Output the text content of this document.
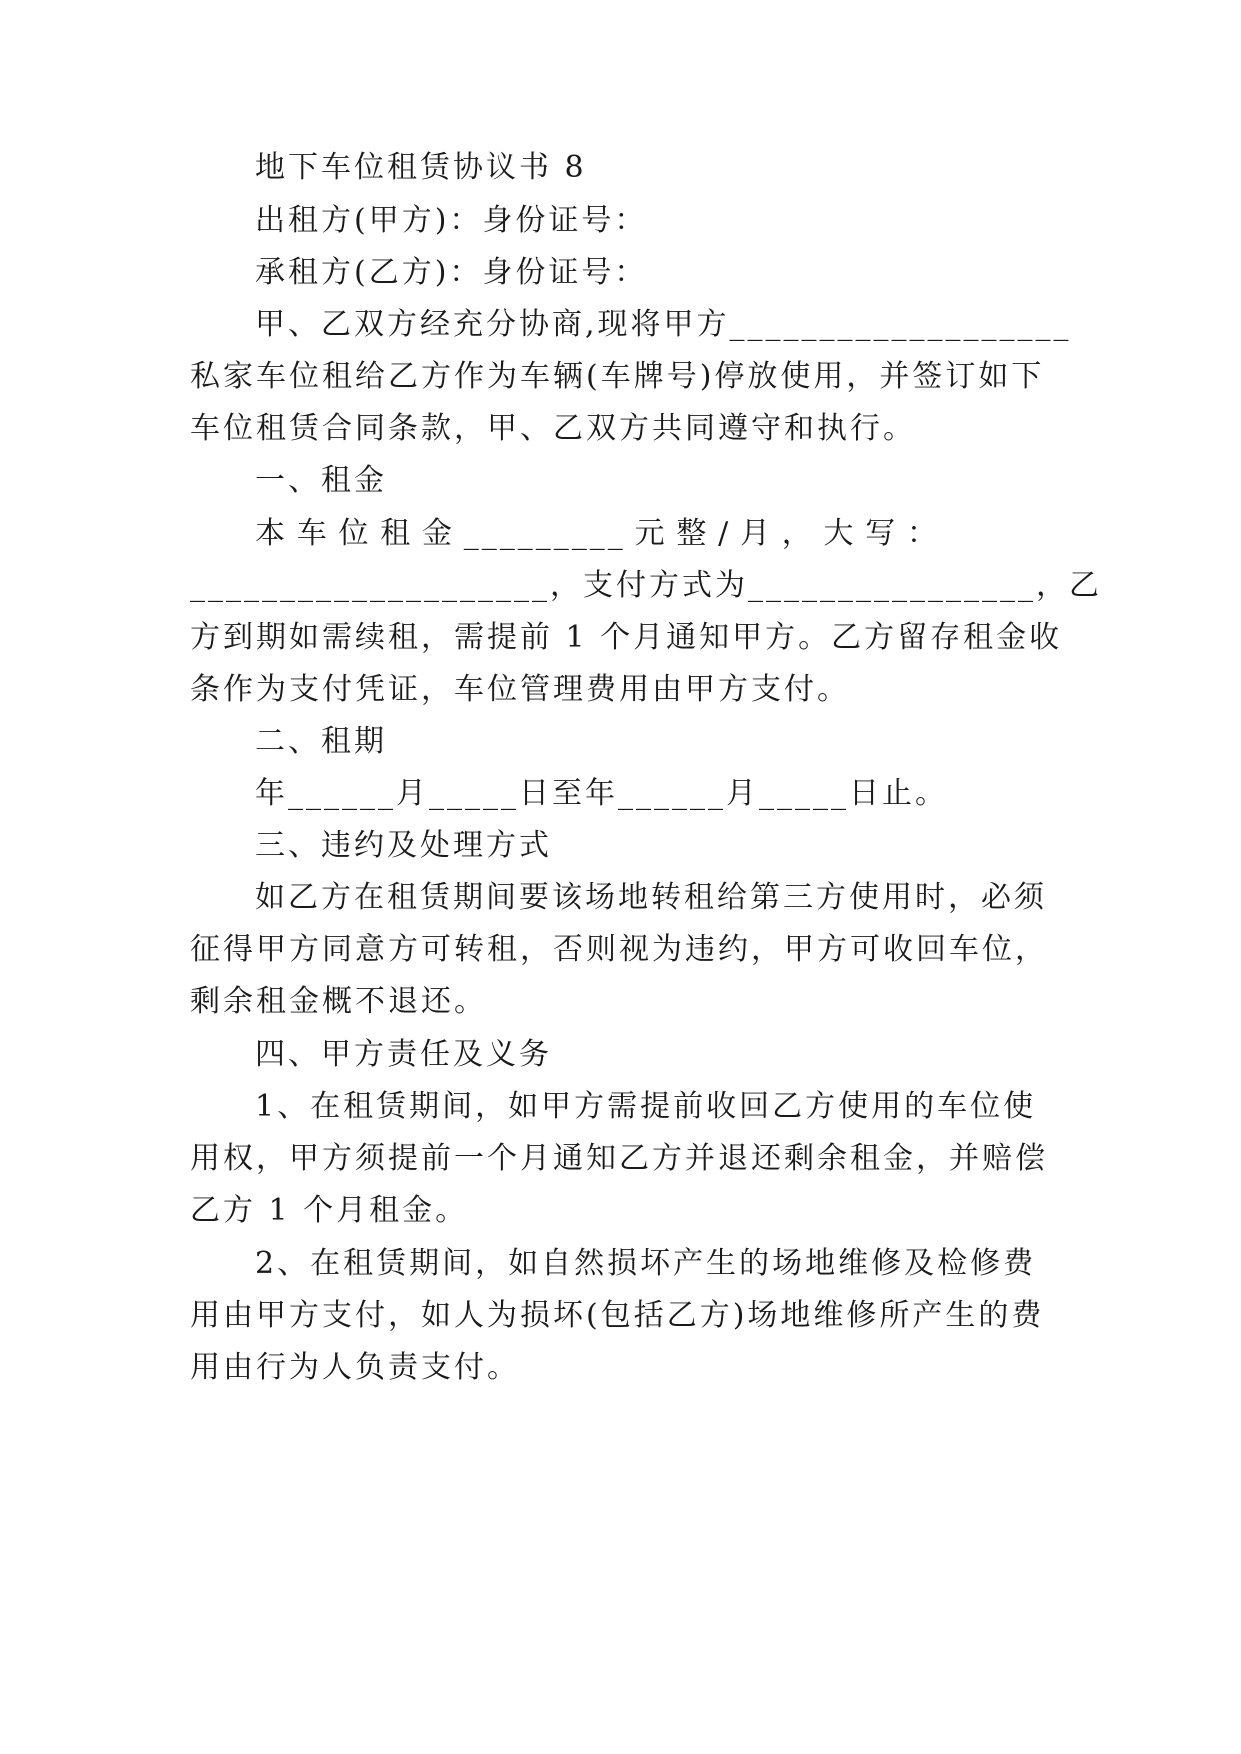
地下车位租赁协议书 8
出租方(甲方)：身份证号：
承租方(乙方)：身份证号：
甲、乙双方经充分协商,现将甲方___________________
私家车位租给乙方作为车辆(车牌号)停放使用，并签订如下
车位租赁合同条款，甲、乙双方共同遵守和执行。
一、租金
本车位租金_________元整/月，大写：
____________________，支付方式为________________，乙
方到期如需续租，需提前 1 个月通知甲方。乙方留存租金收
条作为支付凭证，车位管理费用由甲方支付。
二、租期
年______月_____日至年______月_____日止。
三、违约及处理方式
如乙方在租赁期间要该场地转租给第三方使用时，必须
征得甲方同意方可转租，否则视为违约，甲方可收回车位，
剩余租金概不退还。
四、甲方责任及义务
1、在租赁期间，如甲方需提前收回乙方使用的车位使
用权，甲方须提前一个月通知乙方并退还剩余租金，并赔偿
乙方 1 个月租金。
2、在租赁期间，如自然损坏产生的场地维修及检修费
用由甲方支付，如人为损坏(包括乙方)场地维修所产生的费
用由行为人负责支付。
